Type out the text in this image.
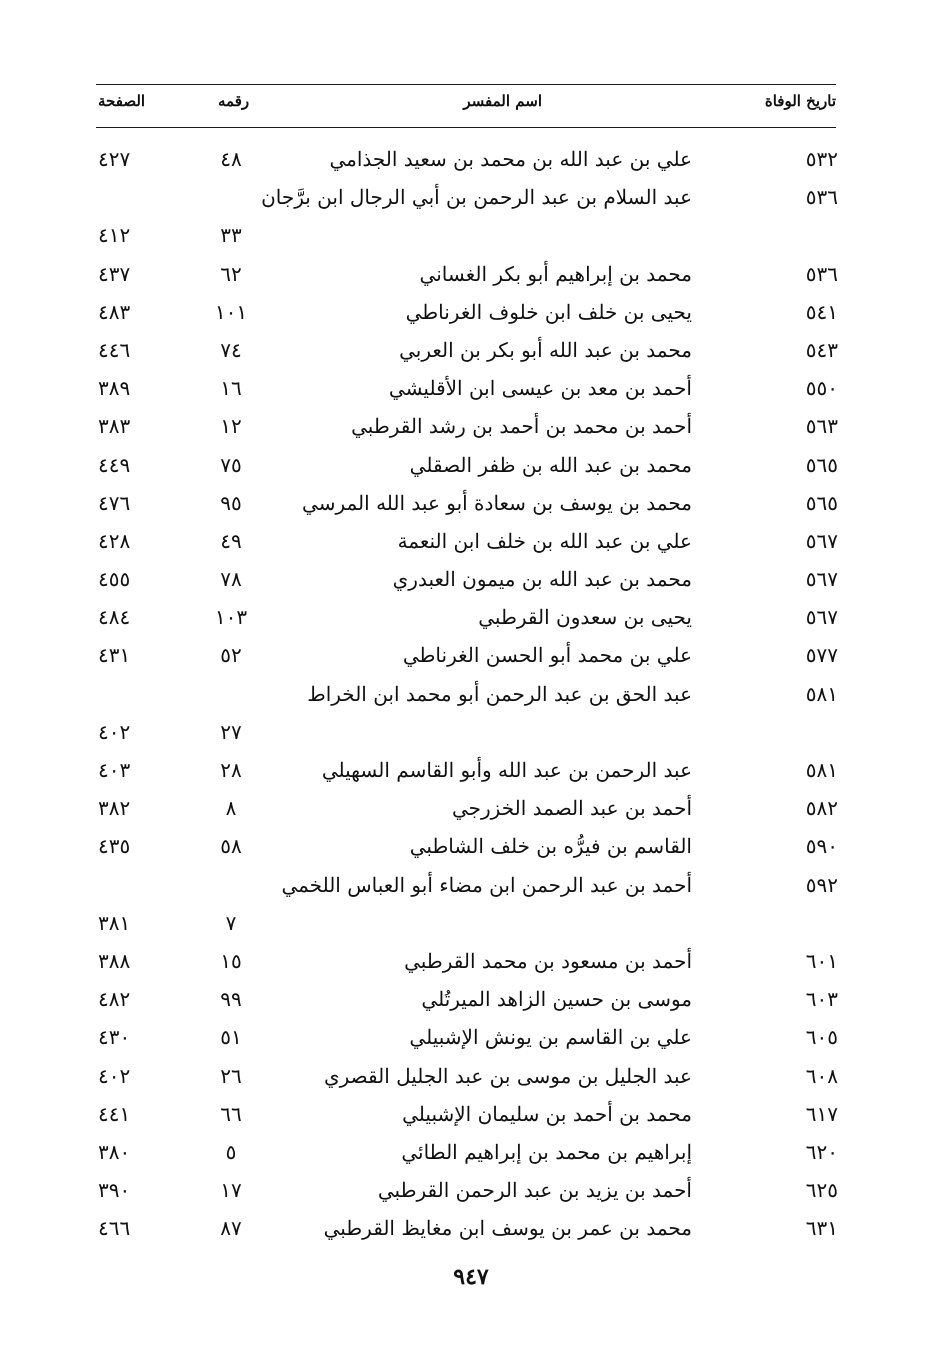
تاريخ الوفاة
اسم المفسر
رقمه
الصفحة
٥٣٢
علي بن عبد الله بن محمد بن سعيد الجذامي
٤٨
٤٢٧
٥٣٦
عبد السلام بن عبد الرحمن بن أبي الرجال ابن برَّجان
٣٣
٤١٢
٥٣٦
محمد بن إبراهيم أبو بكر الغساني
٦٢
٤٣٧
٥٤١
يحيى بن خلف ابن خلوف الغرناطي
١٠١
٤٨٣
٥٤٣
محمد بن عبد الله أبو بكر بن العربي
٧٤
٤٤٦
٥٥٠
أحمد بن معد بن عيسى ابن الأقليشي
١٦
٣٨٩
٥٦٣
أحمد بن محمد بن أحمد بن رشد القرطبي
١٢
٣٨٣
٥٦٥
محمد بن عبد الله بن ظفر الصقلي
٧٥
٤٤٩
٥٦٥
محمد بن يوسف بن سعادة أبو عبد الله المرسي
٩٥
٤٧٦
٥٦٧
علي بن عبد الله بن خلف ابن النعمة
٤٩
٤٢٨
٥٦٧
محمد بن عبد الله بن ميمون العبدري
٧٨
٤٥٥
٥٦٧
يحيى بن سعدون القرطبي
١٠٣
٤٨٤
٥٧٧
علي بن محمد أبو الحسن الغرناطي
٥٢
٤٣١
٥٨١
عبد الحق بن عبد الرحمن أبو محمد ابن الخراط
٢٧
٤٠٢
٥٨١
عبد الرحمن بن عبد الله وأبو القاسم السهيلي
٢٨
٤٠٣
٥٨٢
أحمد بن عبد الصمد الخزرجي
٨
٣٨٢
٥٩٠
القاسم بن فيرُّه بن خلف الشاطبي
٥٨
٤٣٥
٥٩٢
أحمد بن عبد الرحمن ابن مضاء أبو العباس اللخمي
٧
٣٨١
٦٠١
أحمد بن مسعود بن محمد القرطبي
١٥
٣٨٨
٦٠٣
موسى بن حسين الزاهد الميرتُلي
٩٩
٤٨٢
٦٠٥
علي بن القاسم بن يونش الإشبيلي
٥١
٤٣٠
٦٠٨
عبد الجليل بن موسى بن عبد الجليل القصري
٢٦
٤٠٢
٦١٧
محمد بن أحمد بن سليمان الإشبيلي
٦٦
٤٤١
٦٢٠
إبراهيم بن محمد بن إبراهيم الطائي
٥
٣٨٠
٦٢٥
أحمد بن يزيد بن عبد الرحمن القرطبي
١٧
٣٩٠
٦٣١
محمد بن عمر بن يوسف ابن مغايظ القرطبي
٨٧
٤٦٦
٩٤٧
